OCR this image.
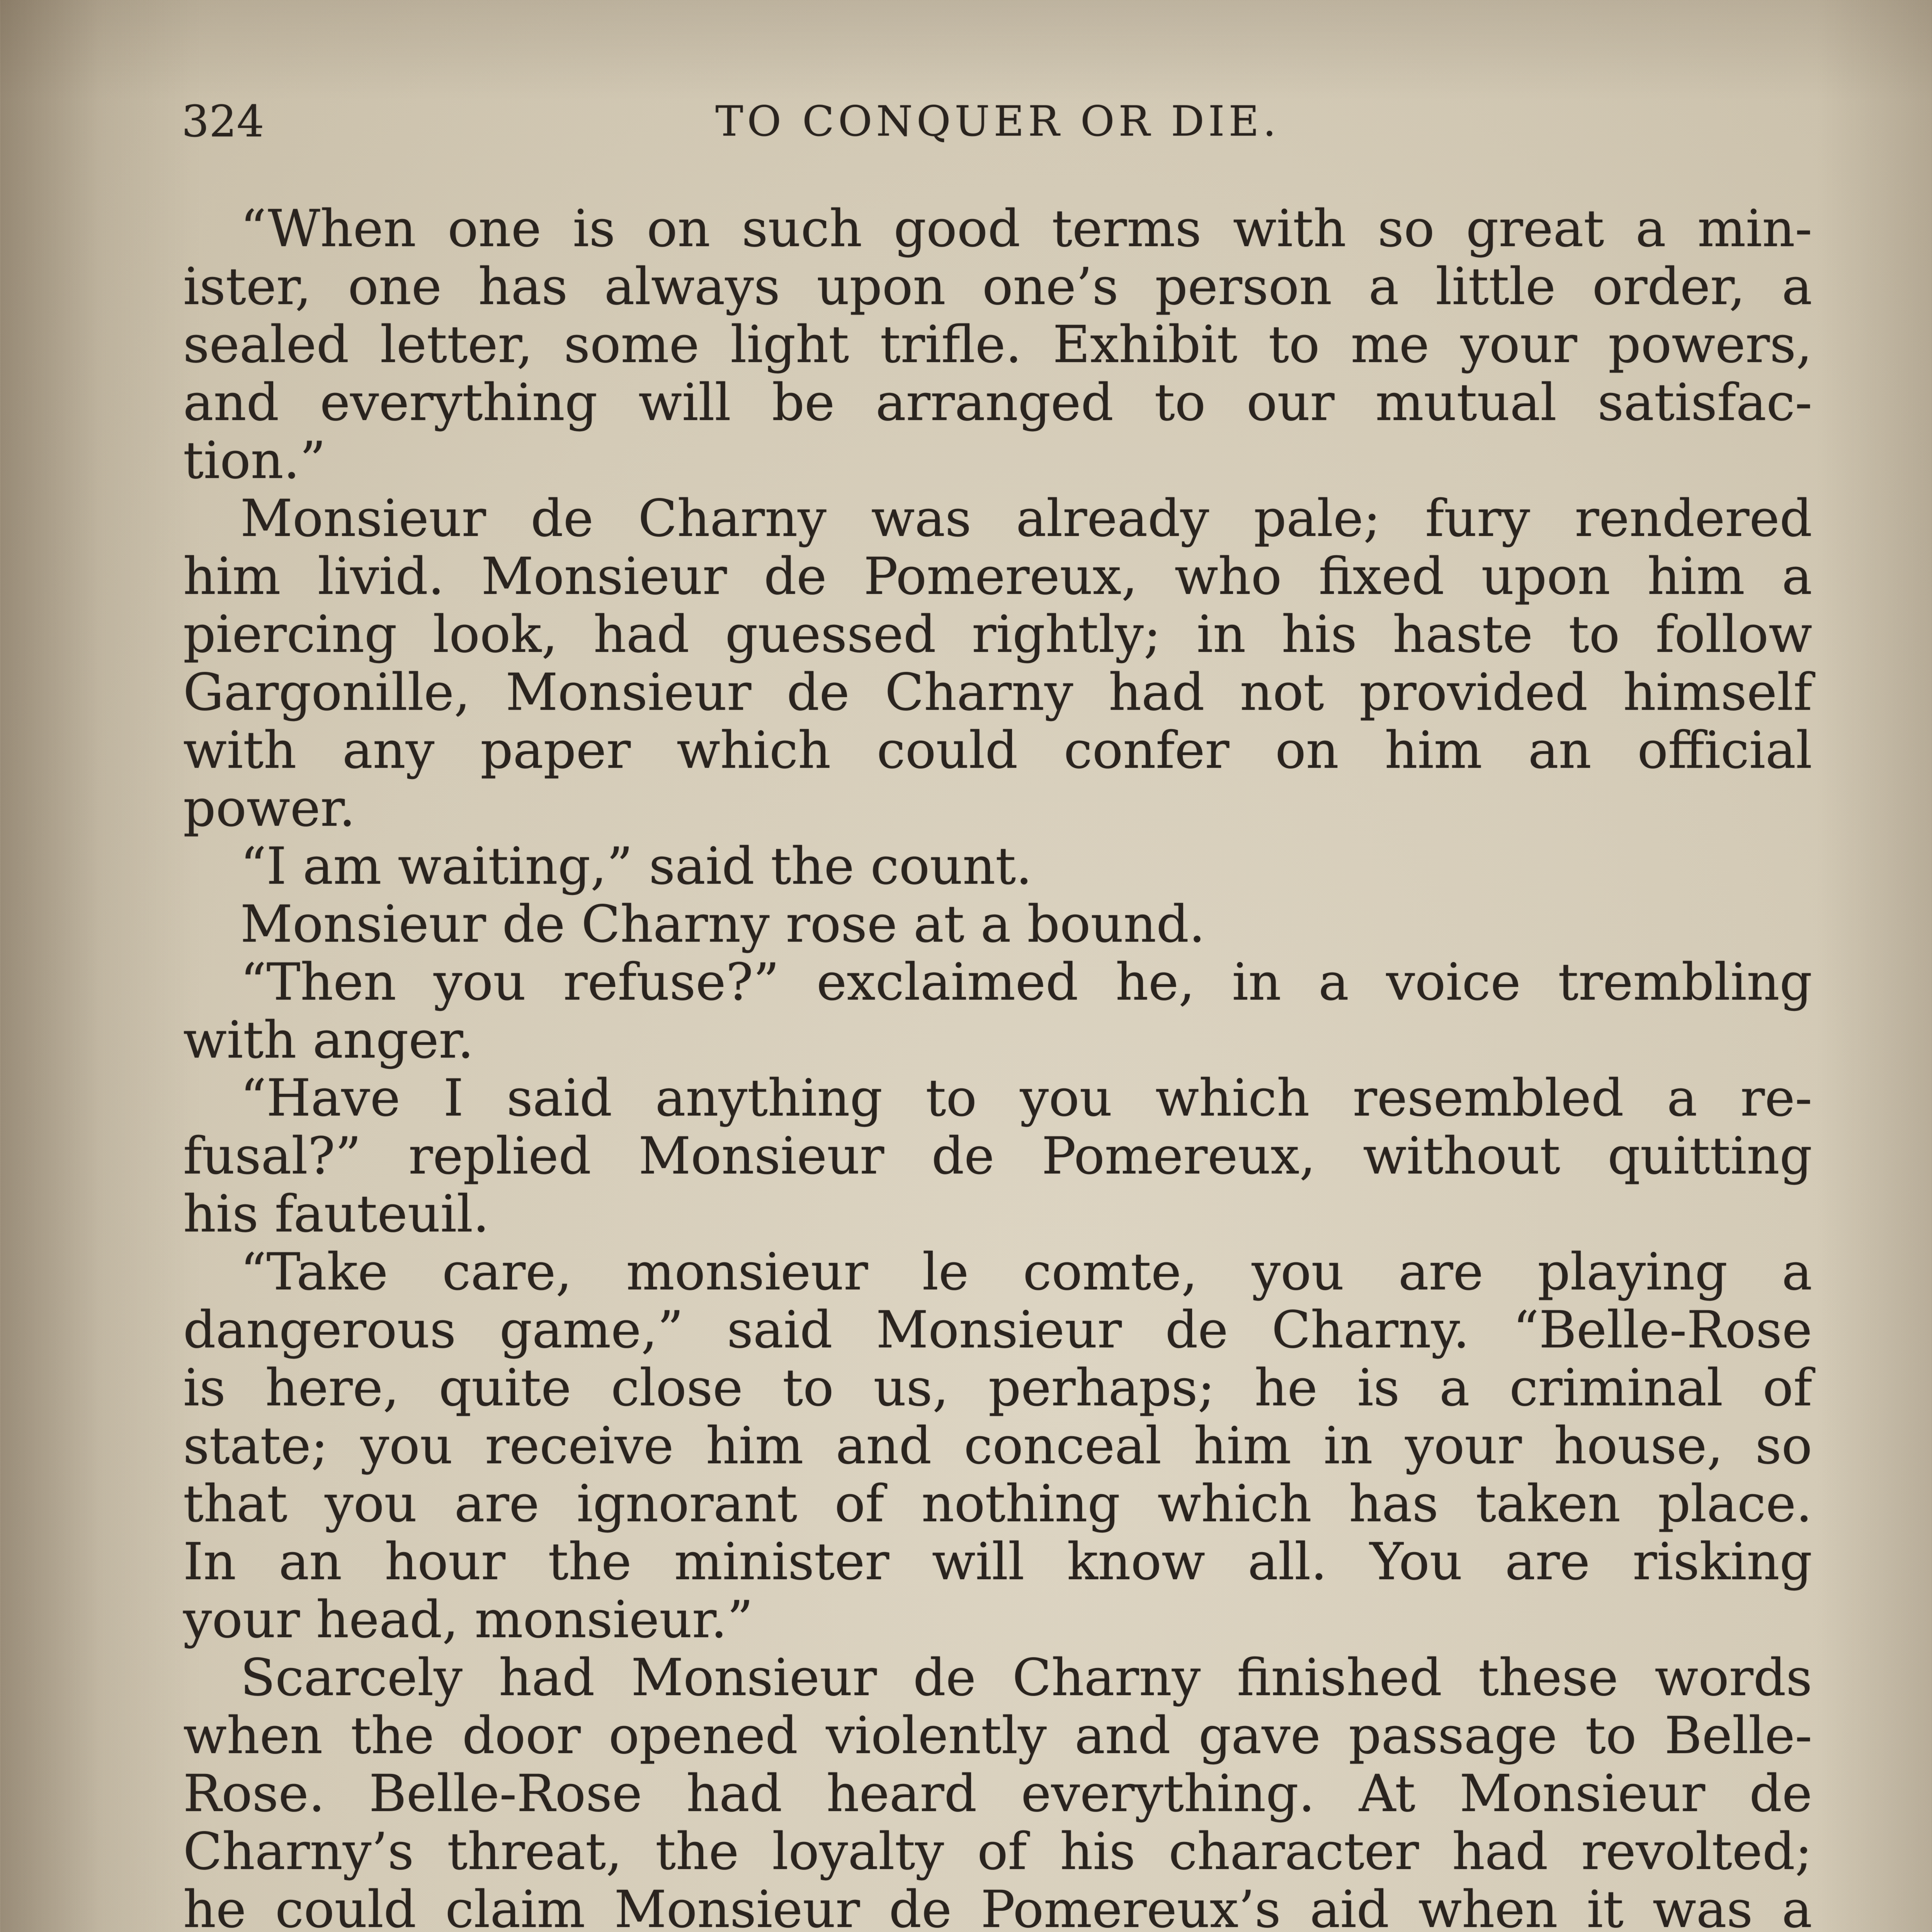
324	TO CONQUER OR DIE.
“When one is on such good terms with so great a min-
ister, one has always upon one’s person a little order, a
sealed letter, some light trifle. Exhibit to me your powers,
and everything will be arranged to our mutual satisfac-
tion.”
Monsieur de Charny was already pale; fury rendered
him livid. Monsieur de Pomereux, who fixed upon him a
piercing look, had guessed rightly; in his haste to follow
Gargonille, Monsieur de Charny had not provided himself
with any paper which could confer on him an official
power.
“I am waiting,” said the count.
Monsieur de Charny rose at a bound.
“Then you refuse?” exclaimed he, in a voice trembling
with anger.
“Have I said anything to you which resembled a re-
fusal?” replied Monsieur de Pomereux, without quitting
his fauteuil.
“Take care, monsieur le comte, you are playing a
dangerous game,” said Monsieur de Charny. “Belle-Rose
is here, quite close to us, perhaps; he is a criminal of
state; you receive him and conceal him in your house, so
that you are ignorant of nothing which has taken place.
In an hour the minister will know all. You are risking
your head, monsieur.”
Scarcely had Monsieur de Charny finished these words
when the door opened violently and gave passage to Belle-
Rose. Belle-Rose had heard everything. At Monsieur de
Charny’s threat, the loyalty of his character had revolted;
he could claim Monsieur de Pomereux’s aid when it was a
